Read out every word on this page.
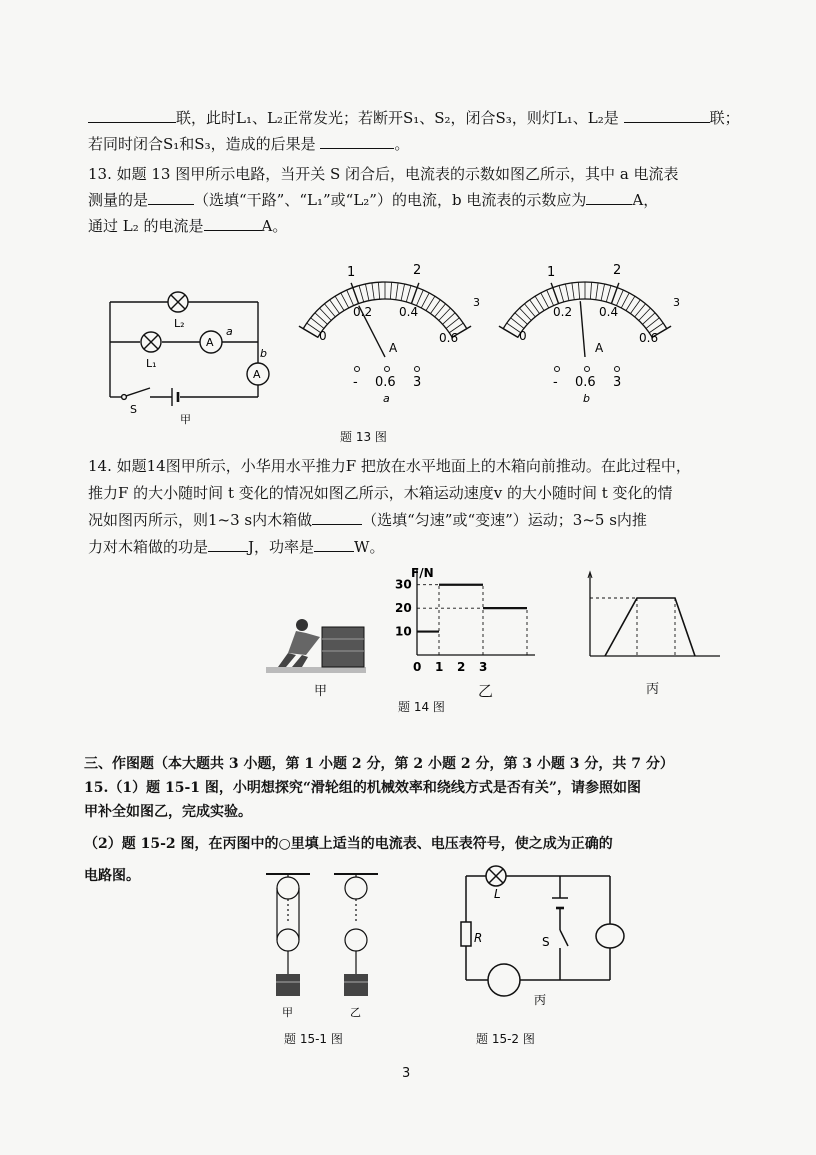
联，此时L₁、L₂正常发光；若断开S₁、S₂，闭合S₃，则灯L₁、L₂是	联；
若同时闭合S₁和S₃，造成的后果是	。
13. 如题 13 图甲所示电路，当开关 S 闭合后，电流表的示数如图乙所示，其中 a 电流表
测量的是	（选填“干路”、“L₁”或“L₂”）的电流，b 电流表的示数应为	A，
通过 L₂ 的电流是	A。
L₂
L₁
A
A
a
b
S
甲
1	2
3
0
0.2 0.4
0.6
A
- 0.6 3
a
1	2
3
0
0.2 0.4
0.6
A
- 0.6 3
b
题 13 图
14. 如题14图甲所示，小华用水平推力F 把放在水平地面上的木箱向前推动。在此过程中，
推力F 的大小随时间 t 变化的情况如图乙所示，木箱运动速度v 的大小随时间 t 变化的情
况如图丙所示，则1~3 s内木箱做	（选填“匀速”或“变速”）运动；3~5 s内推
力对木箱做的功是	J，功率是	W。
甲
F/N
10
20
30
0 1 2 3
乙	丙
题 14 图
三、作图题（本大题共 3 小题，第 1 小题 2 分，第 2 小题 2 分，第 3 小题 3 分，共 7 分）
15.（1）题 15-1 图，小明想探究“滑轮组的机械效率和绕线方式是否有关”，请参照如图
甲补全如图乙，完成实验。
（2）题 15-2 图，在丙图中的○里填上适当的电流表、电压表符号，使之成为正确的
电路图。
甲	乙
题 15-1 图
L
R	S
丙
题 15-2 图
3
